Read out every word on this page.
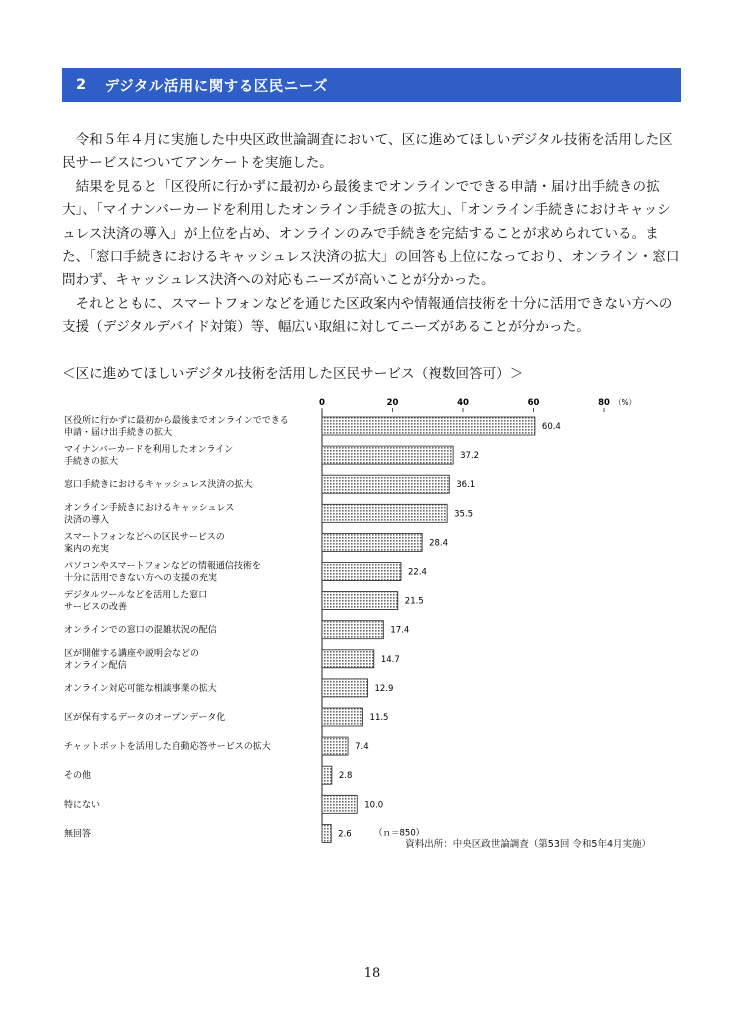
2 デジタル活用に関する区民ニーズ

令和５年４月に実施した中央区政世論調査において、区に進めてほしいデジタル技術を活用した区民サービスについてアンケートを実施した。

結果を見ると「区役所に行かずに最初から最後までオンラインでできる申請・届け出手続きの拡大」、「マイナンバーカードを利用したオンライン手続きの拡大」、「オンライン手続きにおけキャッシュレス決済の導入」が上位を占め、オンラインのみで手続きを完結することが求められている。また、「窓口手続きにおけるキャッシュレス決済の拡大」の回答も上位になっており、オンライン・窓口問わず、キャッシュレス決済への対応もニーズが高いことが分かった。

それとともに、スマートフォンなどを通じた区政案内や情報通信技術を十分に活用できない方への支援（デジタルデバイド対策）等、幅広い取組に対してニーズがあることが分かった。

＜区に進めてほしいデジタル技術を活用した区民サービス（複数回答可）＞
0	20	40	60	80 （%）
60.4
区役所に行かずに最初から最後までオンラインでできる
申請・届け出手続きの拡大
37.2
マイナンバーカードを利用したオンライン
手続きの拡大
36.1
窓口手続きにおけるキャッシュレス決済の拡大
35.5
オンライン手続きにおけるキャッシュレス
決済の導入
28.4
スマートフォンなどへの区民サービスの
案内の充実
22.4
パソコンやスマートフォンなどの情報通信技術を
十分に活用できない方への支援の充実
21.5
デジタルツールなどを活用した窓口
サービスの改善
17.4
オンラインでの窓口の混雑状況の配信
14.7
区が開催する講座や説明会などの
オンライン配信
12.9
オンライン対応可能な相談事業の拡大
11.5
区が保有するデータのオープンデータ化
7.4
チャットボットを活用した自動応答サービスの拡大
2.8
その他
10.0
特にない
2.6
無回答	（ｎ＝850）
資料出所：中央区政世論調査（第53回 令和5年4月実施）
18
